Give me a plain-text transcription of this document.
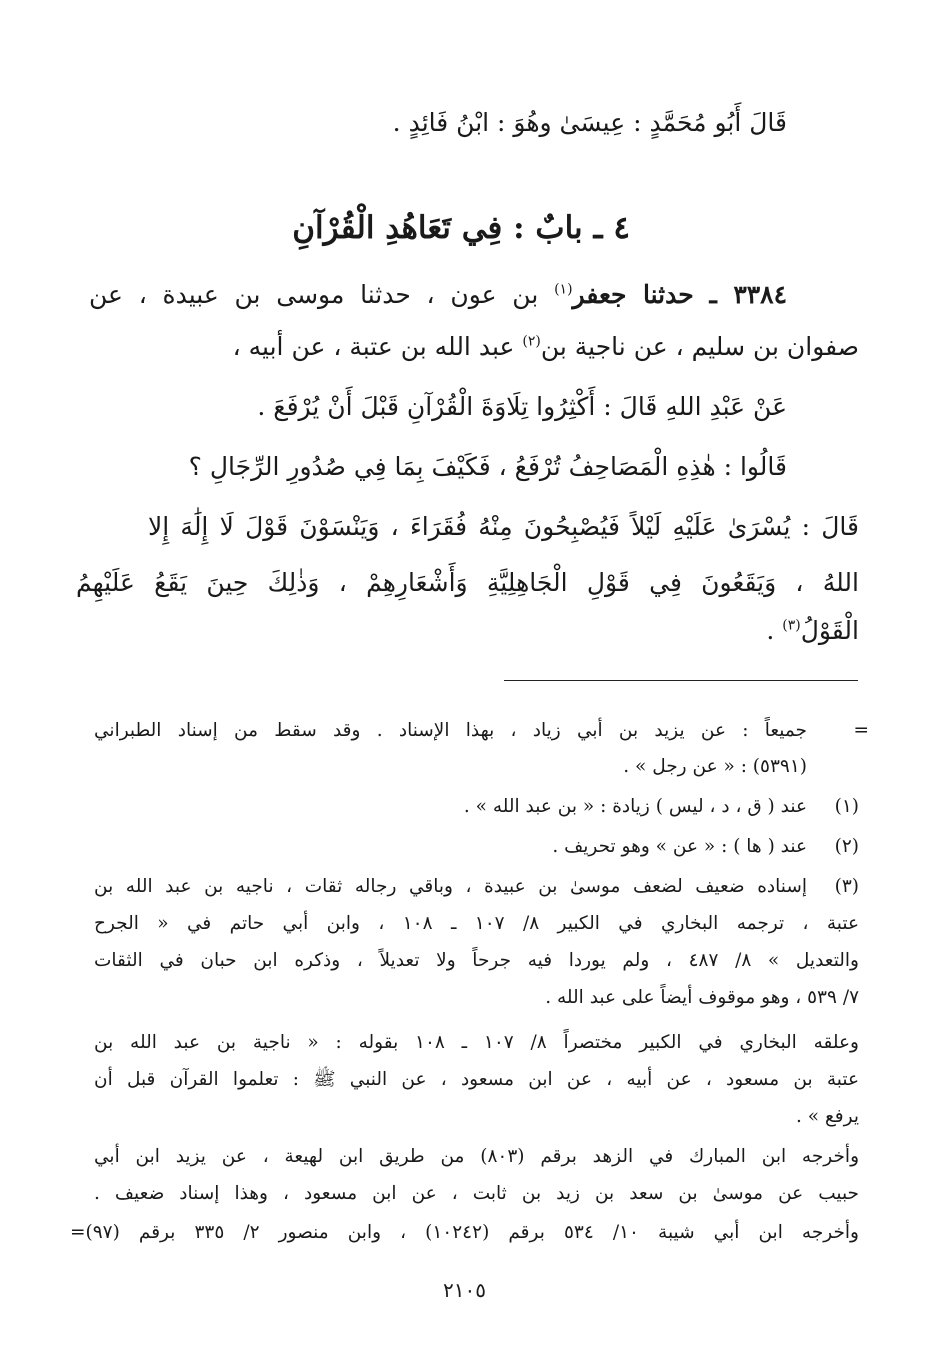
قَالَ أَبُو مُحَمَّدٍ : عِيسَىٰ وهُوَ : ابْنُ فَائِدٍ .

٤ ـ بابٌ : فِي تَعَاهُدِ الْقُرْآنِ

٣٣٨٤ ـ حدثنا جعفر$^{(١)}$ بن عون ، حدثنا موسى بن عبيدة ، عن
صفوان بن سليم ، عن ناجية بن$^{(٢)}$ عبد الله بن عتبة ، عن أبيه ،

عَنْ عَبْدِ اللهِ قَالَ : أَكْثِرُوا تِلَاوَةَ الْقُرْآنِ قَبْلَ أَنْ يُرْفَعَ .

قَالُوا : هٰذِهِ الْمَصَاحِفُ تُرْفَعُ ، فَكَيْفَ بِمَا فِي صُدُورِ الرِّجَالِ ؟

قَالَ : يُسْرَىٰ عَلَيْهِ لَيْلاً فَيُصْبِحُونَ مِنْهُ فُقَرَاءَ ، وَيَنْسَوْنَ قَوْلَ لَا إِلَٰهَ إِلا
اللهُ ، وَيَقَعُونَ فِي قَوْلِ الْجَاهِلِيَّةِ وَأَشْعَارِهِمْ ، وَذٰلِكَ حِينَ يَقَعُ عَلَيْهِمُ
الْقَوْلُ$^{(٣)}$ .
=
جميعاً : عن يزيد بن أبي زياد ، بهذا الإسناد . وقد سقط من إسناد الطبراني

(٥٣٩١) : « عن رجل » .

(١)

عند ( ق ، د ، ليس ) زيادة : « بن عبد الله » .

(٢)

عند ( ها ) : « عن » وهو تحريف .

(٣)
إسناده ضعيف لضعف موسىٰ بن عبيدة ، وباقي رجاله ثقات ، ناجيه بن عبد الله بن
عتبة ، ترجمه البخاري في الكبير ٨/ ١٠٧ ـ ١٠٨ ، وابن أبي حاتم في « الجرح
والتعديل » ٨/ ٤٨٧ ، ولم يوردا فيه جرحاً ولا تعديلاً ، وذكره ابن حبان في الثقات

٧/ ٥٣٩ ، وهو موقوف أيضاً على عبد الله .

وعلقه البخاري في الكبير مختصراً ٨/ ١٠٧ ـ ١٠٨ بقوله : « ناجية بن عبد الله بن
عتبة بن مسعود ، عن أبيه ، عن ابن مسعود ، عن النبي ﷺ : تعلموا القرآن قبل أن

يرفع » .

وأخرجه ابن المبارك في الزهد برقم (٨٠٣) من طريق ابن لهيعة ، عن يزيد ابن أبي
حبيب عن موسىٰ بن سعد بن زيد بن ثابت ، عن ابن مسعود ، وهذا إسناد ضعيف .
وأخرجه ابن أبي شيبة ١٠/ ٥٣٤ برقم (١٠٢٤٢) ، وابن منصور ٢/ ٣٣٥ برقم (٩٧)=
٢١٠٥
